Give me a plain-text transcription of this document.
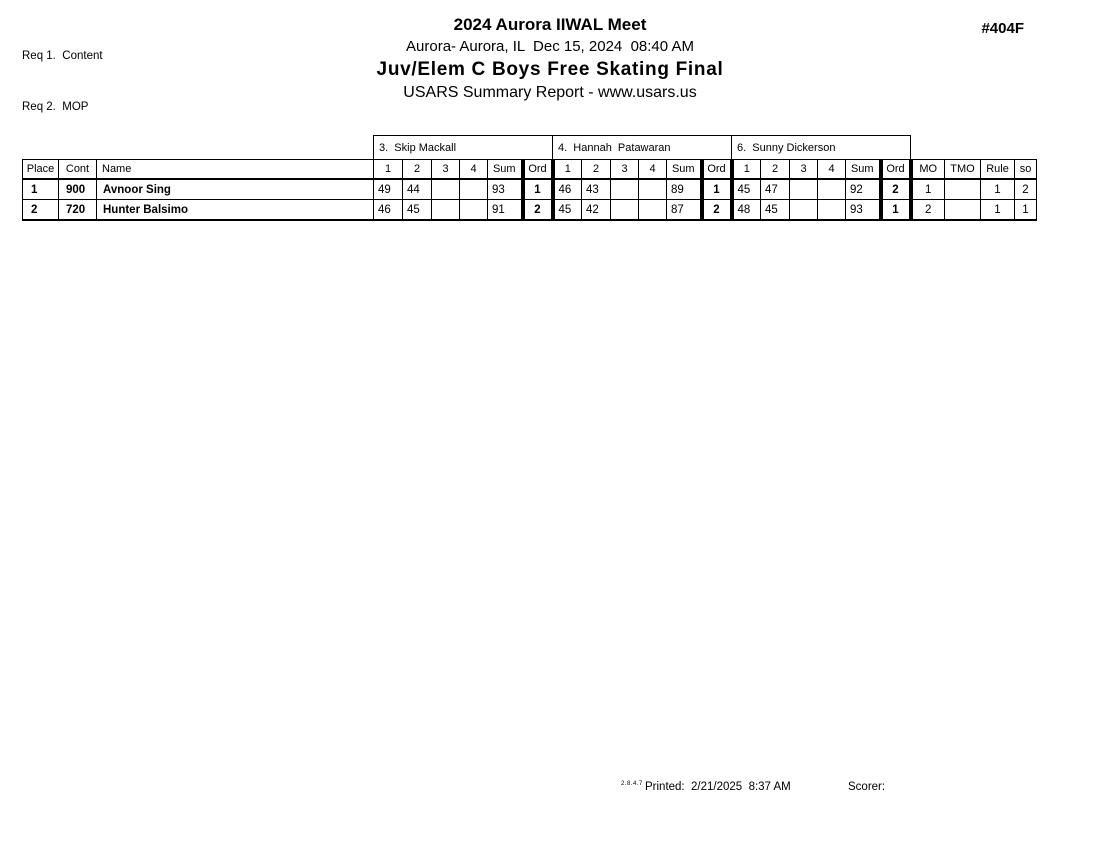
Req 1.  Content

Req 2.  MOP

#404F
2024 Aurora IIWAL Meet
Aurora- Aurora, IL  Dec 15, 2024  08:40 AM
Juv/Elem C Boys Free Skating Final
USARS Summary Report - www.usars.us
			3.  Skip Mackall						4.  Hannah  Patawaran						6.  Sunny Dickerson									
Place	Cont	Name	1	2	3	4	Sum	Ord	1	2	3	4	Sum	Ord	1	2	3	4	Sum	Ord	MO	TMO	Rule	so
1	900	Avnoor Sing	49	44			93	1	46	43			89	1	45	47			92	2	1		1	2
2	720	Hunter Balsimo	46	45			91	2	45	42			87	2	48	45			93	1	2		1	1
2.8.4.7 Printed:  2/21/2025  8:37 AM	Scorer:
